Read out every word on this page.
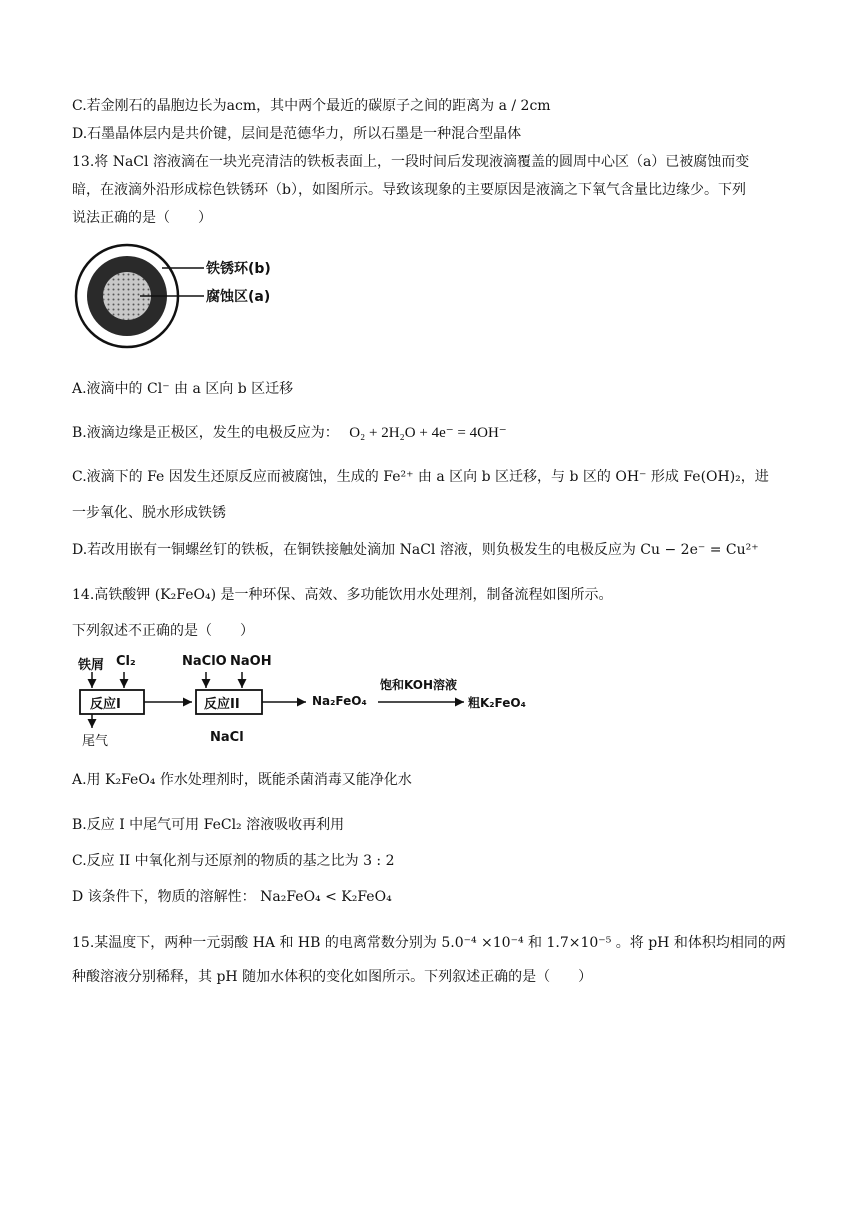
C.若金刚石的晶胞边长为acm，其中两个最近的碳原子之间的距离为 a / 2cm
D.石墨晶体层内是共价键，层间是范德华力，所以石墨是一种混合型晶体
13.将 NaCl 溶液滴在一块光亮清洁的铁板表面上，一段时间后发现液滴覆盖的圆周中心区（a）已被腐蚀而变
暗，在液滴外沿形成棕色铁锈环（b），如图所示。导致该现象的主要原因是液滴之下氧气含量比边缘少。下列
说法正确的是（　　）
铁锈环(b)
腐蚀区(a)
A.液滴中的 Cl⁻ 由 a 区向 b 区迁移
B.液滴边缘是正极区，发生的电极反应为： O₂ + 2H₂O + 4e⁻ = 4OH⁻
C.液滴下的 Fe 因发生还原反应而被腐蚀，生成的 Fe²⁺ 由 a 区向 b 区迁移，与 b 区的 OH⁻ 形成 Fe(OH)₂，进
一步氧化、脱水形成铁锈
D.若改用嵌有一铜螺丝钉的铁板，在铜铁接触处滴加 NaCl 溶液，则负极发生的电极反应为 Cu − 2e⁻ = Cu²⁺
14.高铁酸钾 (K₂FeO₄) 是一种环保、高效、多功能饮用水处理剂，制备流程如图所示。
下列叙述不正确的是（　　）
铁屑 Cl₂	NaClO NaOH
反应I	反应II	Na₂FeO₄
饱和KOH溶液
粗K₂FeO₄
尾气	NaCl
A.用 K₂FeO₄ 作水处理剂时，既能杀菌消毒又能净化水
B.反应 I 中尾气可用 FeCl₂ 溶液吸收再利用
C.反应 II 中氧化剂与还原剂的物质的基之比为 3 : 2
D 该条件下，物质的溶解性： Na₂FeO₄ < K₂FeO₄
15.某温度下，两种一元弱酸 HA 和 HB 的电离常数分别为 5.0⁻⁴ ×10⁻⁴ 和 1.7×10⁻⁵ 。将 pH 和体积均相同的两
种酸溶液分别稀释，其 pH 随加水体积的变化如图所示。下列叙述正确的是（　　）
